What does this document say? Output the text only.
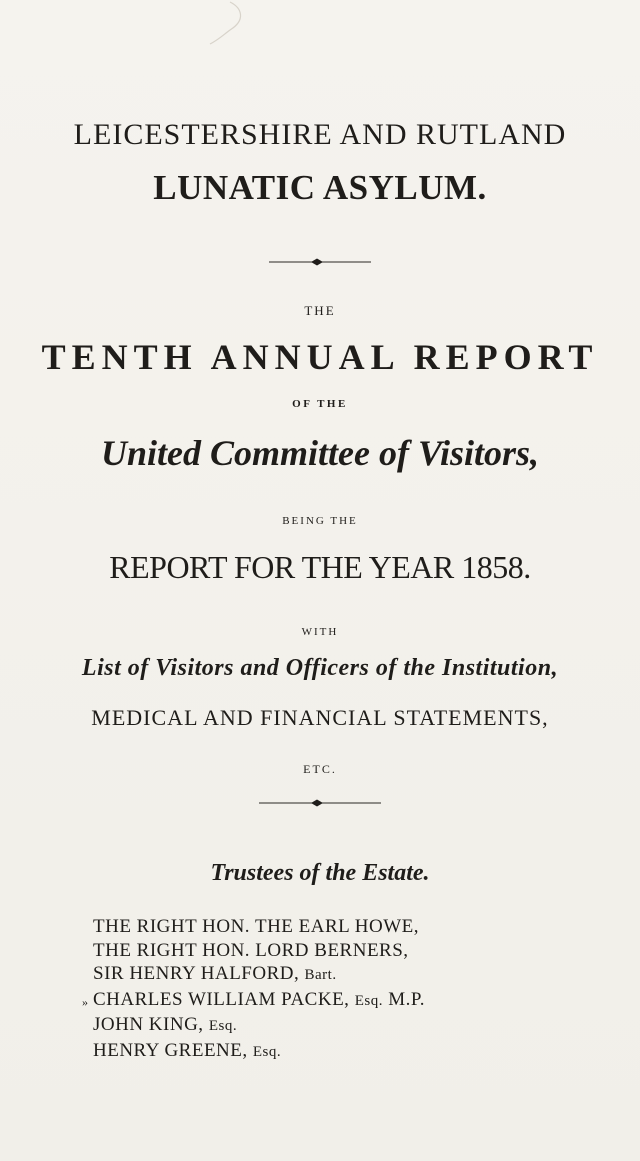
LEICESTERSHIRE AND RUTLAND
LUNATIC ASYLUM.
THE
TENTH ANNUAL REPORT
OF THE
United Committee of Visitors,
BEING THE
REPORT FOR THE YEAR 1858.
WITH
List of Visitors and Officers of the Institution,
MEDICAL AND FINANCIAL STATEMENTS,
ETC.
Trustees of the Estate.
»
THE RIGHT HON. THE EARL HOWE,
THE RIGHT HON. LORD BERNERS,
SIR HENRY HALFORD, Bart.
CHARLES WILLIAM PACKE, Esq. M.P.
JOHN KING, Esq.
HENRY GREENE, Esq.
